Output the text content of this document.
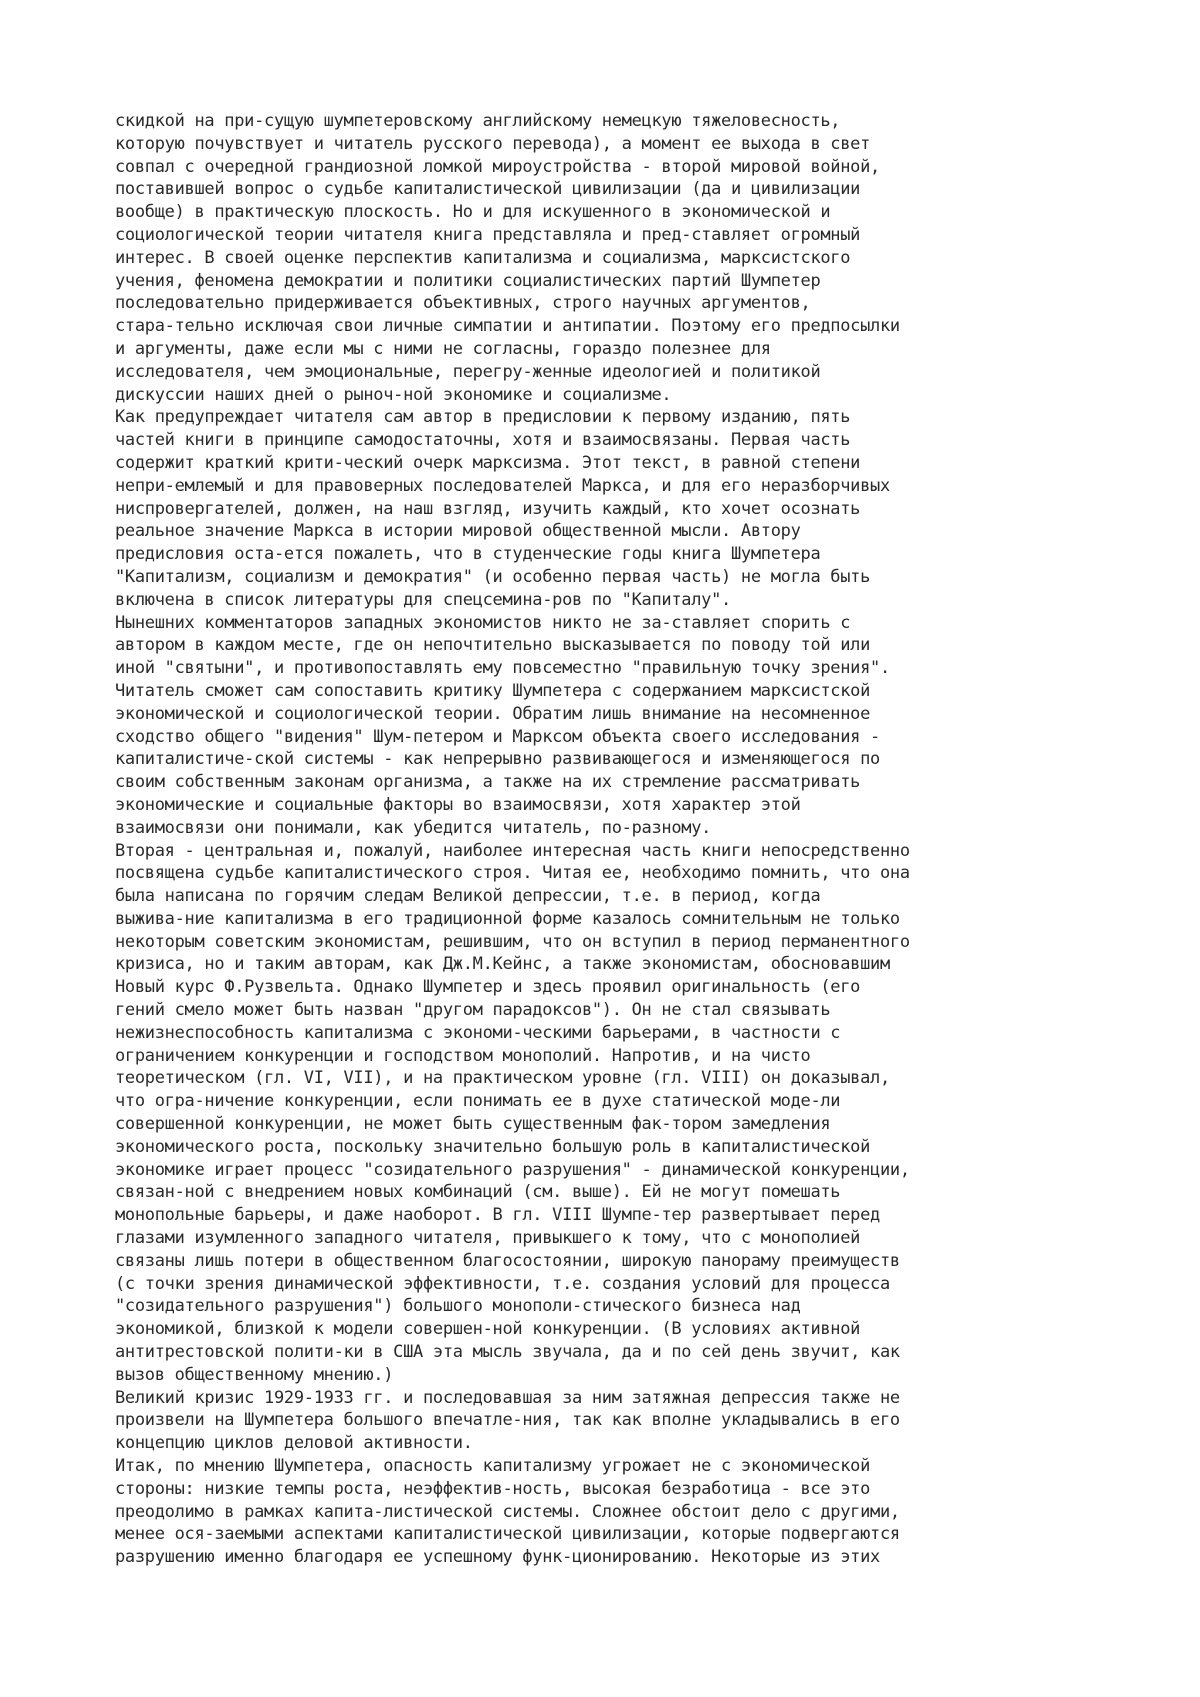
скидкой на при-сущую шумпетеровскому английскому немецкую тяжеловесность,
которую почувствует и читатель русского перевода), а момент ее выхода в свет
совпал с очередной грандиозной ломкой мироустройства - второй мировой войной,
поставившей вопрос о судьбе капиталистической цивилизации (да и цивилизации
вообще) в практическую плоскость. Но и для искушенного в экономической и
социологической теории читателя книга представляла и пред-ставляет огромный
интерес. В своей оценке перспектив капитализма и социализма, марксистского
учения, феномена демократии и политики социалистических партий Шумпетер
последовательно придерживается объективных, строго научных аргументов,
стара-тельно исключая свои личные симпатии и антипатии. Поэтому его предпосылки
и аргументы, даже если мы с ними не согласны, гораздо полезнее для
исследователя, чем эмоциональные, перегру-женные идеологией и политикой
дискуссии наших дней о рыноч-ной экономике и социализме.
Как предупреждает читателя сам автор в предисловии к первому изданию, пять
частей книги в принципе самодостаточны, хотя и взаимосвязаны. Первая часть
содержит краткий крити-ческий очерк марксизма. Этот текст, в равной степени
непри-емлемый и для правоверных последователей Маркса, и для его неразборчивых
ниспровергателей, должен, на наш взгляд, изучить каждый, кто хочет осознать
реальное значение Маркса в истории мировой общественной мысли. Автору
предисловия оста-ется пожалеть, что в студенческие годы книга Шумпетера
"Капитализм, социализм и демократия" (и особенно первая часть) не могла быть
включена в список литературы для спецсемина-ров по "Капиталу".
Нынешних комментаторов западных экономистов никто не за-ставляет спорить с
автором в каждом месте, где он непочтительно высказывается по поводу той или
иной "святыни", и противопоставлять ему повсеместно "правильную точку зрения".
Читатель сможет сам сопоставить критику Шумпетера с содержанием марксистской
экономической и социологической теории. Обратим лишь внимание на несомненное
сходство общего "видения" Шум-петером и Марксом объекта своего исследования -
капиталистиче-ской системы - как непрерывно развивающегося и изменяющегося по
своим собственным законам организма, а также на их стремление рассматривать
экономические и социальные факторы во взаимосвязи, хотя характер этой
взаимосвязи они понимали, как убедится читатель, по-разному.
Вторая - центральная и, пожалуй, наиболее интересная часть книги непосредственно
посвящена судьбе капиталистического строя. Читая ее, необходимо помнить, что она
была написана по горячим следам Великой депрессии, т.е. в период, когда
выжива-ние капитализма в его традиционной форме казалось сомнительным не только
некоторым советским экономистам, решившим, что он вступил в период перманентного
кризиса, но и таким авторам, как Дж.М.Кейнс, а также экономистам, обосновавшим
Новый курс Ф.Рузвельта. Однако Шумпетер и здесь проявил оригинальность (его
гений смело может быть назван "другом парадоксов"). Он не стал связывать
нежизнеспособность капитализма с экономи-ческими барьерами, в частности с
ограничением конкуренции и господством монополий. Напротив, и на чисто
теоретическом (гл. VI, VII), и на практическом уровне (гл. VIII) он доказывал,
что огра-ничение конкуренции, если понимать ее в духе статической моде-ли
совершенной конкуренции, не может быть существенным фак-тором замедления
экономического роста, поскольку значительно большую роль в капиталистической
экономике играет процесс "созидательного разрушения" - динамической конкуренции,
связан-ной с внедрением новых комбинаций (см. выше). Ей не могут помешать
монопольные барьеры, и даже наоборот. В гл. VIII Шумпе-тер развертывает перед
глазами изумленного западного читателя, привыкшего к тому, что с монополией
связаны лишь потери в общественном благосостоянии, широкую панораму преимуществ
(с точки зрения динамической эффективности, т.е. создания условий для процесса
"созидательного разрушения") большого монополи-стического бизнеса над
экономикой, близкой к модели совершен-ной конкуренции. (В условиях активной
антитрестовской полити-ки в США эта мысль звучала, да и по сей день звучит, как
вызов общественному мнению.)
Великий кризис 1929-1933 гг. и последовавшая за ним затяжная депрессия также не
произвели на Шумпетера большого впечатле-ния, так как вполне укладывались в его
концепцию циклов деловой активности.
Итак, по мнению Шумпетера, опасность капитализму угрожает не с экономической
стороны: низкие темпы роста, неэффектив-ность, высокая безработица - все это
преодолимо в рамках капита-листической системы. Сложнее обстоит дело с другими,
менее ося-заемыми аспектами капиталистической цивилизации, которые подвергаются
разрушению именно благодаря ее успешному функ-ционированию. Некоторые из этих
